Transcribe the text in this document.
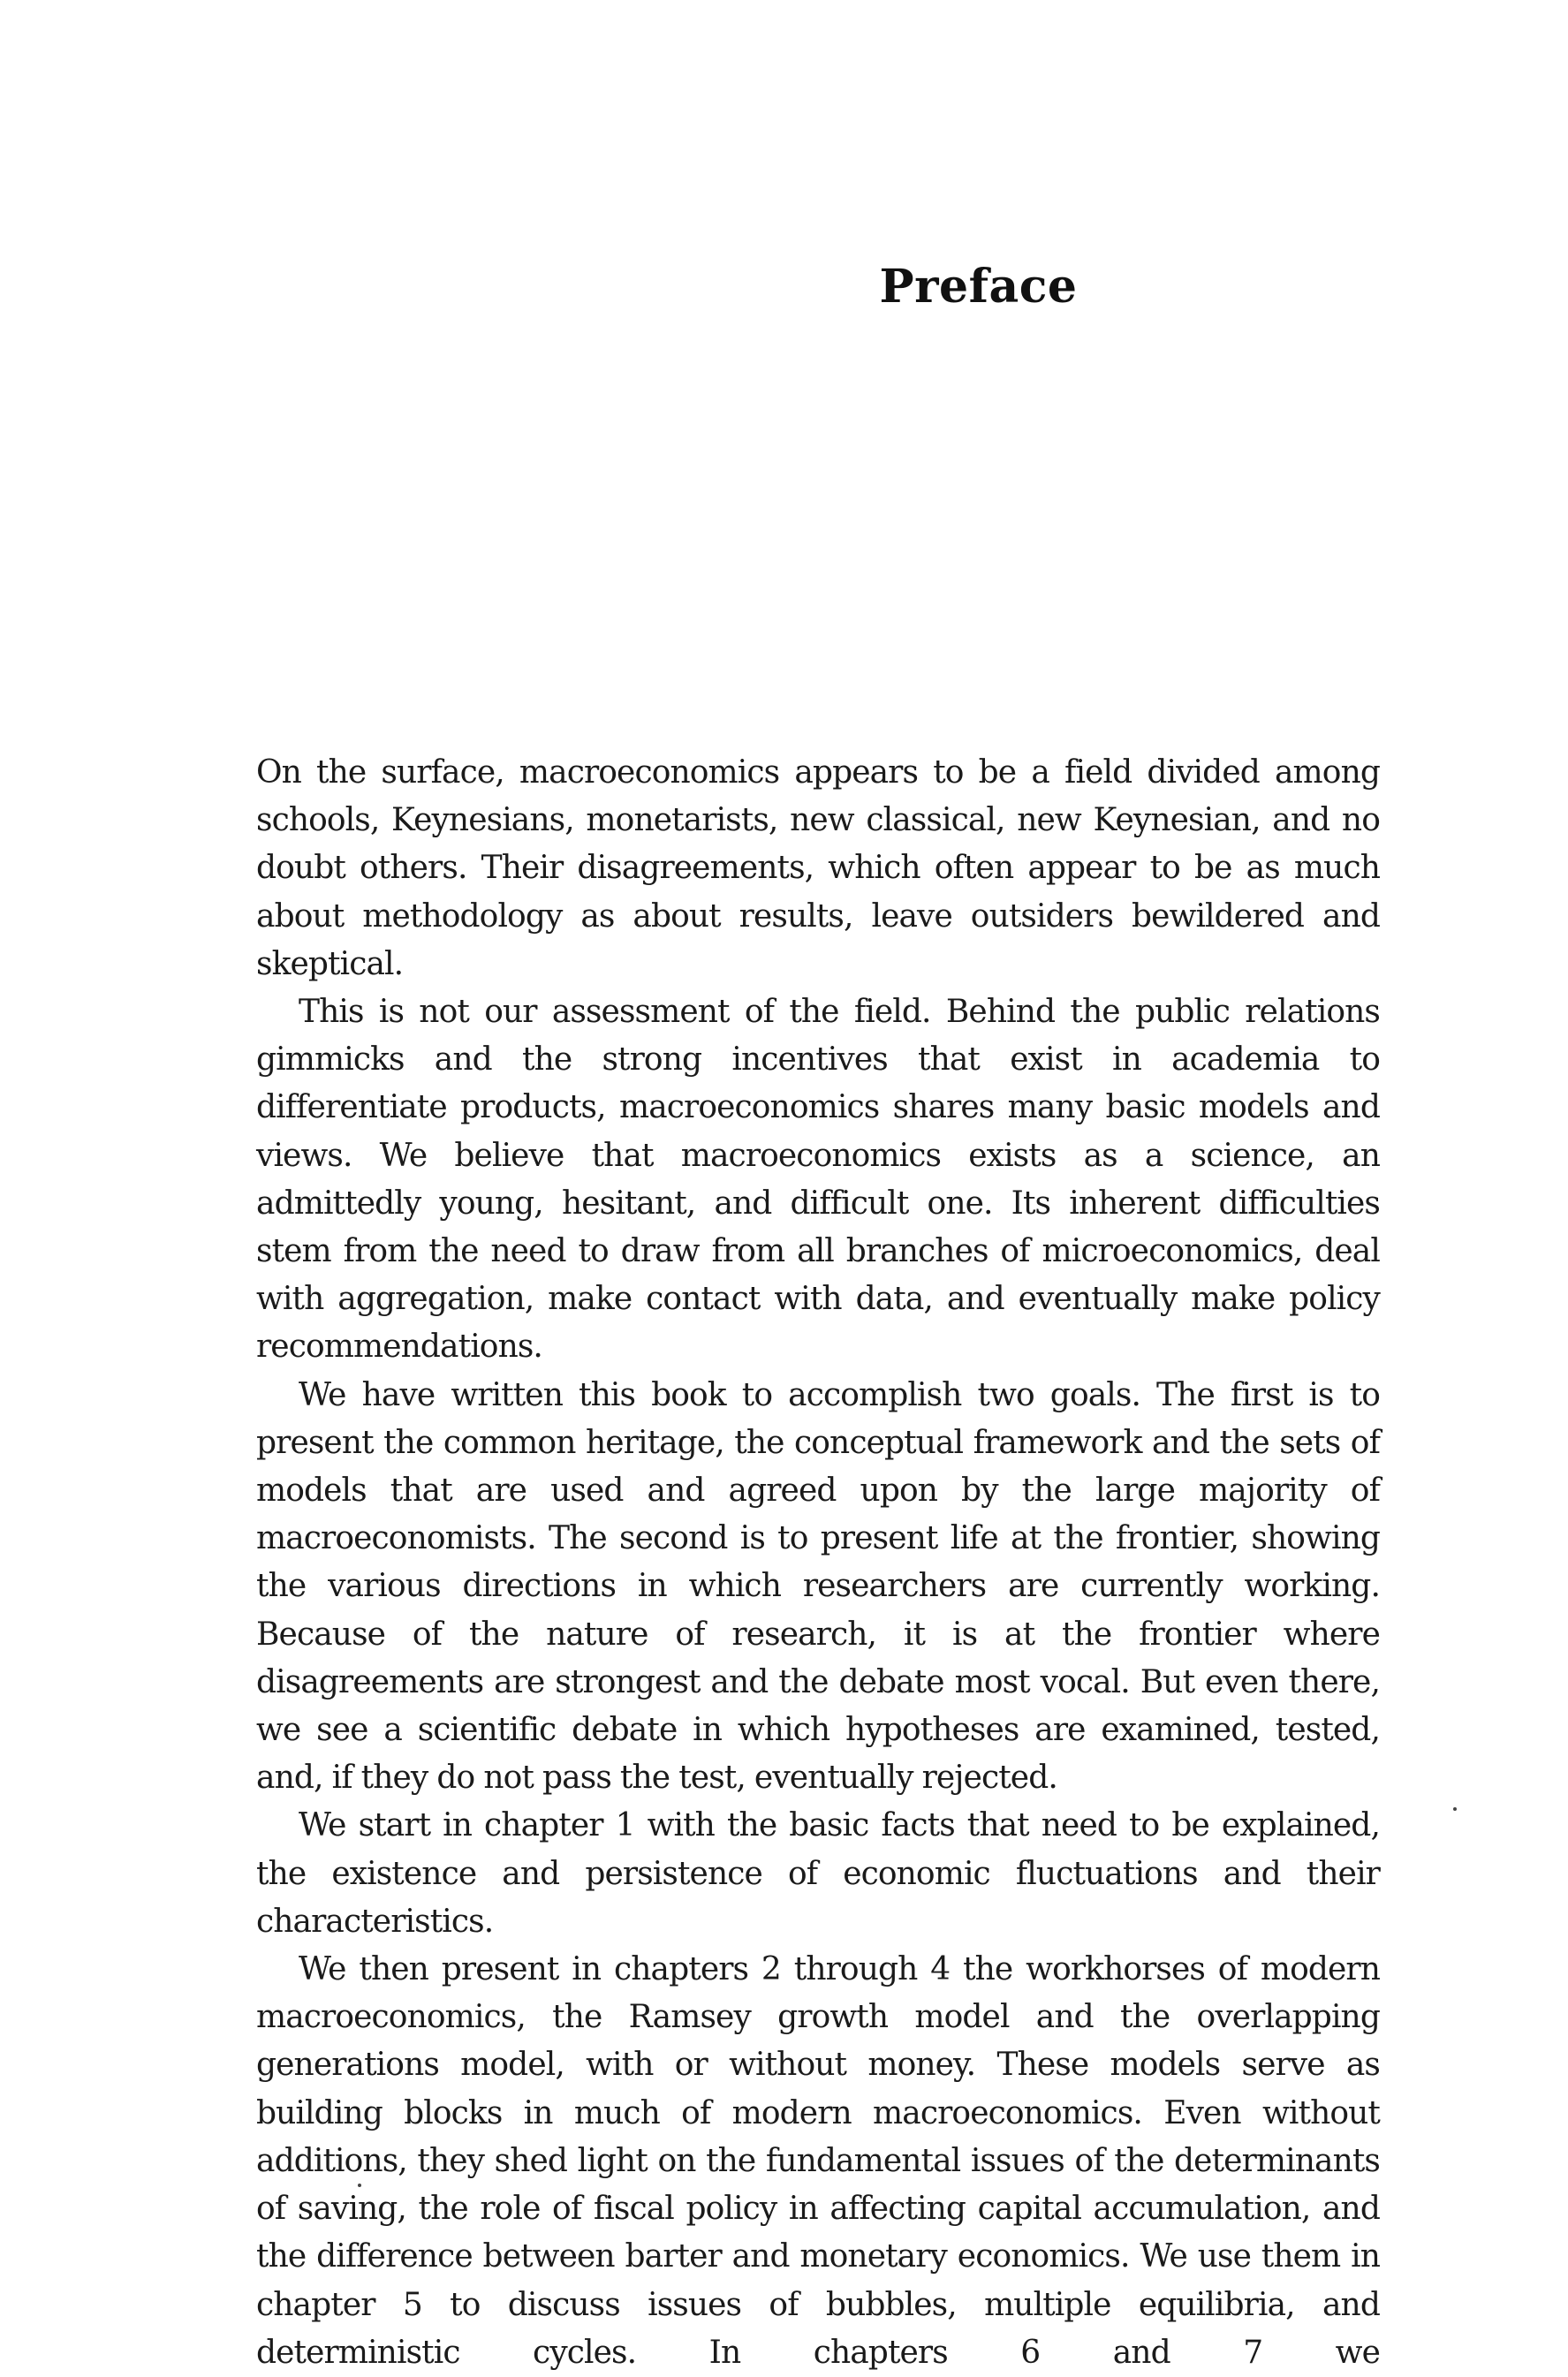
Preface

On the surface, macroeconomics appears to be a field divided among schools, Keynesians, monetarists, new classical, new Keynesian, and no doubt others. Their disagreements, which often appear to be as much about methodology as about results, leave outsiders bewildered and skeptical.

This is not our assessment of the field. Behind the public relations gimmicks and the strong incentives that exist in academia to differentiate products, macroeconomics shares many basic models and views. We believe that macroeconomics exists as a science, an admittedly young, hesitant, and difficult one. Its inherent difficulties stem from the need to draw from all branches of microeconomics, deal with aggregation, make contact with data, and eventually make policy recommendations.

We have written this book to accomplish two goals. The first is to present the common heritage, the conceptual framework and the sets of models that are used and agreed upon by the large majority of macroeconomists. The second is to present life at the frontier, showing the various directions in which researchers are currently working. Because of the nature of research, it is at the frontier where disagreements are strongest and the debate most vocal. But even there, we see a scientific debate in which hypotheses are examined, tested, and, if they do not pass the test, eventually rejected.

We start in chapter 1 with the basic facts that need to be explained, the existence and persistence of economic fluctuations and their characteristics.

We then present in chapters 2 through 4 the workhorses of modern macroeconomics, the Ramsey growth model and the overlapping generations model, with or without money. These models serve as building blocks in much of modern macroeconomics. Even without additions, they shed light on the fundamental issues of the determinants of saving, the role of fiscal policy in affecting capital accumulation, and the difference between barter and monetary economics. We use them in chapter 5 to discuss issues of bubbles, multiple equilibria, and deterministic cycles. In chapters 6 and 7 we
